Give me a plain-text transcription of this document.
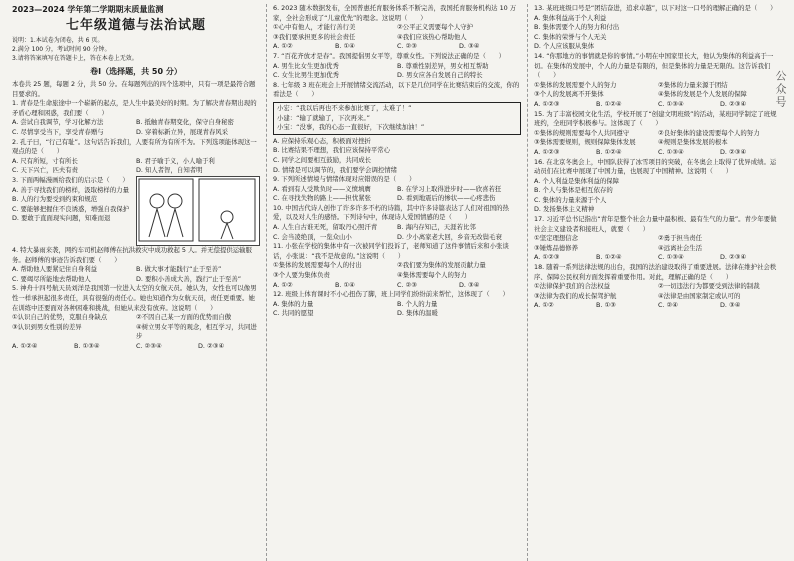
2023—2024 学年第二学期期末质量监测
七年级道德与法治试题
说明：1.本试卷为闭卷，共 6 页。
2.满分 100 分，考试时间 90 分钟。
3.请将答案填写在答题卡上，答在本卷上无效。
卷Ⅰ（选择题，共 50 分）
本卷共 25 题，每题 2 分，共 50 分。在每题列出的四个选项中，只有一项是最符合题目要求的。
1. 青春是生命旅途中一个崭新的起点，是人生中最美好的时期。为了解决青春期出现的矛盾心理和困惑，我们要（　　）
A. 尝试自我调节，学习化解方法	B. 抵触青春期变化，保守自身秘密
C. 尽情享受当下，享受青春赠与	D. 穿着标新立异，展现青春风采
2. 孔子曰，“行己有耻”。这句话告诉我们，人要有所为有所不为。下列选项能体现这一观点的是（　　）
A. 尺有所短，寸有所长	B. 君子喻于义，小人喻于利
C. 天下兴亡，匹夫有责	D. 知人者智，自知者明
3. 下面两幅漫画给我们的启示是（　　）
A. 善于寻找我们的榜样，汲取榜样的力量
B. 人的行为要受到约束和规范
C. 要能够把握住不良诱惑，增强自我保护
D. 要敢于直面现实问题，知难而退
4. 特大暴雨来袭，网约车司机赵师傅在抗洪救灾中成功救起 5 人。并无偿提供运输服务。赵师傅的事迹告诉我们要（　　）
A. 帮助他人要紧记住自身利益	B. 做大事才能践行“止于至善”
C. 要竭尽所能地去帮助他人	D. 要积小善成大善，践行“止于至善”
5. 神舟十四号航天员刘洋是我国第一位进入太空的女航天员。她认为，女性也可以像男性一样承担起很多责任，具有很强的责任心。她也知道作为女航天员，责任更重要。她在训练中还要面对各种困难和挑战，但她从来没有放弃。这说明（　　）
①认识自己的优势，克服自身缺点	②不因自己某一方面的优势而自傲
③认识到男女性别的差异	④树立男女平等的观念，相互学习，共同进步
A. ①②④	B. ①③④	C. ②③④	D. ②③④
6. 2023 随木数据发布，全国普惠托育服务体系不断完善，我国托育服务机构达 10 万家，全社会形成了“儿童优先”的理念。这说明（　　）
①心中有他人，才能行善行美	②公平正义需要每个人守护
③我们要承担更多的社会责任	④我们应该热心帮助他人
A. ①②	B. ①④	C. ②③	D. ③④
7. “百花齐放才是春”。我国提倡男女平等，尊重女性。下列说法正确的是（　　）
A. 男生比女生更加优秀	B. 尊重性别差异，男女相互帮助
C. 女生比男生更加优秀	D. 男女应各自发展自己的特长
8. 七年级 3 班在班会上开展情绪交流活动，以下是几位同学在比赛结束后的交流，你的看法是（　　）
小宏：“我以后再也不来参加比赛了，太难了！”
小建：“输了就输了，下次再来。”
小宝：“没事，我的心态一直很好，下次继续加油！”
A. 应保持乐观心态，积极面对挫折
B. 比赛结果不理想，我们应该保持平常心
C. 同学之间要相互鼓励，共同成长
D. 情绪是可以调节的，我们要学会调控情绪
9. 下列所述情境与情绪体现对应错误的是（　　）
A. 看到有人受欺负时——义愤填膺	B. 在学习上取得进步时——欣喜若狂
C. 在寻找失物的路上——担忧紧张	D. 看到地震后的惨状——心疼悲伤
10. 中国古代诗人创作了许多许多不朽的诗篇，其中许多诗篇表达了人们对祖国的热爱，以及对人生的感悟。下列诗句中，体现诗人爱国情感的是（　　）
A. 人生自古谁无死，留取丹心照汗青	B. 海内存知己，天涯若比邻
C. 会当凌绝顶，一览众山小	D. 少小离家老大回，乡音无改鬓毛衰
11. 小张在学校的集体中有一次被同学们投诉了，老师知道了这件事情后来和小张谈话，小张说：“我不是故意的。”这说明（　　）
①集体的发展需要每个人的付出	②我们要为集体的发展贡献力量
③个人要为集体负责	④集体需要每个人的努力
A. ①②	B. ①④	C. ②③	D. ③④
12. 班级上体育课时不小心扭伤了脚，班上同学们纷纷前来帮忙，这体现了（　　）
A. 集体的力量	B. 个人的力量
C. 共同的愿望	D. 集体的温暖
13. 某班班级口号是“团结奋进，追求卓越”，以下对这一口号的理解正确的是（　　）
A. 集体利益高于个人利益
B. 集体需要个人的努力和付出
C. 集体的荣誉与个人无关
D. 个人应该服从集体
14. “你那地方的事情就是你的事情。”小明在中国家里长大，他认为集体的利益高于一切。在集体的发展中，个人的力量是有限的，但是集体的力量是无限的。这告诉我们（　　）
①集体的发展需要个人的努力	②集体的力量来源于团结
③个人的发展离不开集体	④集体的发展是个人发展的保障
A. ①②③	B. ①②④	C. ①③④	D. ②③④
15. 为了丰富校园文化生活，学校开展了“创建文明班级”的活动，某班同学制定了班规班约，全班同学积极参与。这体现了（　　）
①集体的规则需要每个人共同遵守	②良好集体的建设需要每个人的努力
③集体需要规则，规则保障集体发展	④规则是集体发展的根本
A. ①②③	B. ①②④	C. ①③④	D. ②③④
16. 在北京冬奥会上，中国队获得了冰雪项目的突破，在冬奥会上取得了优异成绩。运动员们在比赛中展现了中国力量，也展现了中国精神。这说明（　　）
A. 个人利益是集体利益的保障
B. 个人与集体是相互依存的
C. 集体的力量来源于个人
D. 发扬集体主义精神
17. 习近平总书记指出“青年是整个社会力量中最积极、最有生气的力量”。青少年要做社会主义建设者和接班人，就要（　　）
①坚定理想信念	②勇于担当责任
③锤炼品德修养	④远离社会生活
A. ①②③	B. ①②④	C. ①③④	D. ②③④
18. 随着一系列法律法规的出台，我国的法治建设取得了重要进展。法律在维护社会秩序、保障公民权利方面发挥着重要作用。对此，理解正确的是（　　）
①法律保护我们的合法权益	②一切违法行为都要受到法律的制裁
③法律为我们的成长保驾护航	④法律是由国家制定或认可的
A. ①②	B. ①③	C. ②④	D. ③④
公众号
